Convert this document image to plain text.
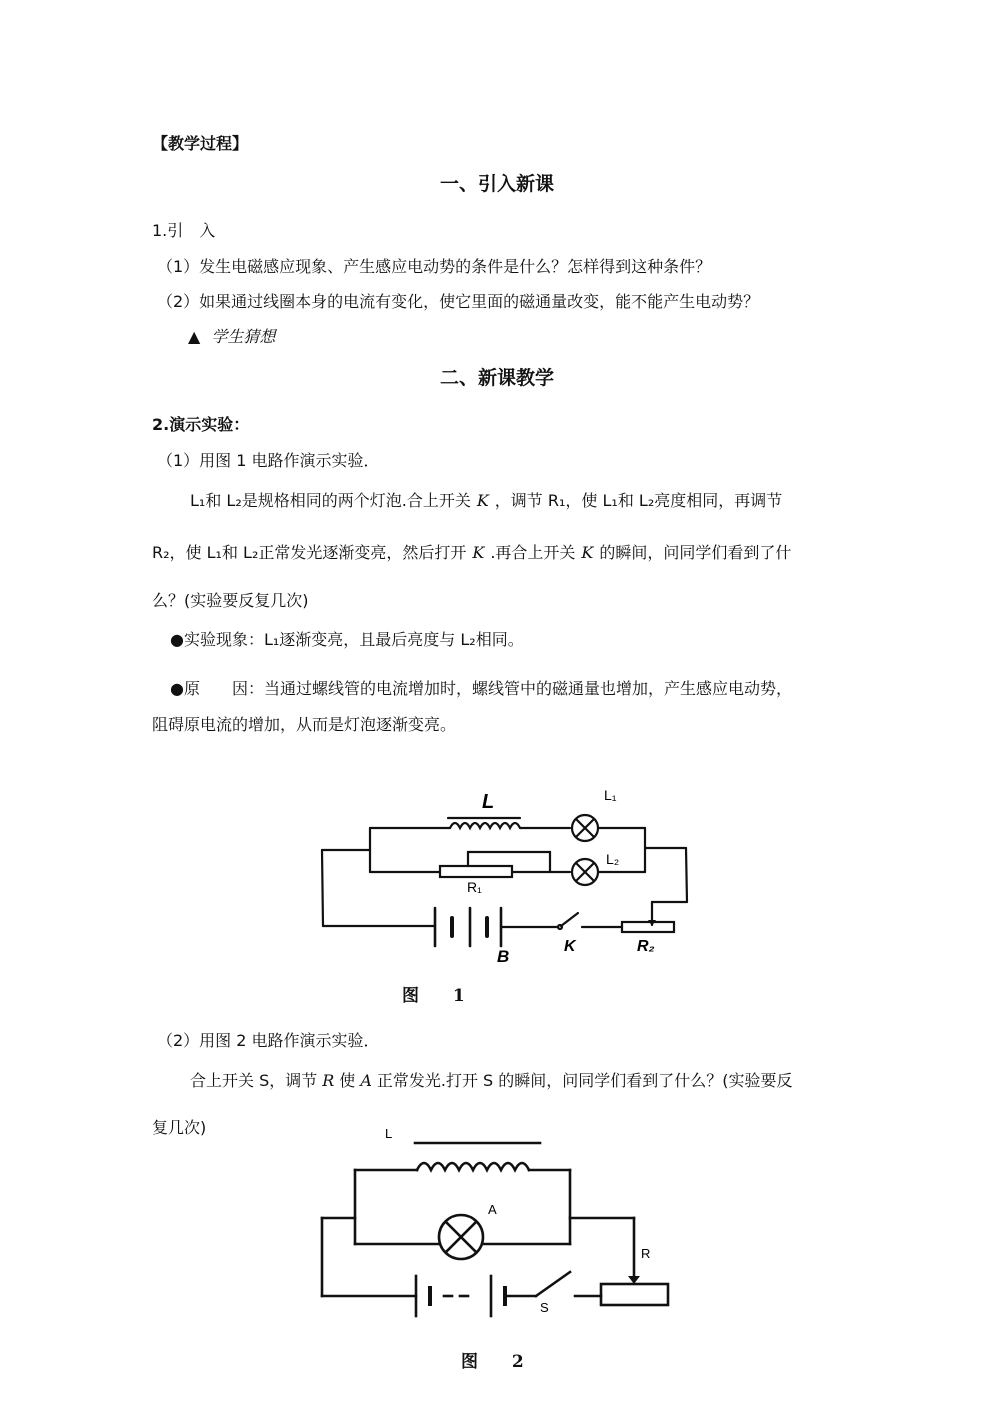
【教学过程】
一、引入新课
1.引　入
（1）发生电磁感应现象、产生感应电动势的条件是什么？怎样得到这种条件？
（2）如果通过线圈本身的电流有变化，使它里面的磁通量改变，能不能产生电动势？
▲ 学生猜想
二、新课教学
2.演示实验：
（1）用图 1 电路作演示实验．
L₁和 L₂是规格相同的两个灯泡.合上开关 K ，调节 R₁，使 L₁和 L₂亮度相同，再调节
R₂，使 L₁和 L₂正常发光逐渐变亮，然后打开 K .再合上开关 K 的瞬间，问同学们看到了什
么？(实验要反复几次)
●实验现象：L₁逐渐变亮，且最后亮度与 L₂相同。
●原　　因：当通过螺线管的电流增加时，螺线管中的磁通量也增加，产生感应电动势，
阻碍原电流的增加，从而是灯泡逐渐变亮。
L	L₁
L₂
R₁
B
K	R₂
图 1
（2）用图 2 电路作演示实验．
合上开关 S，调节 R 使 A 正常发光.打开 S 的瞬间，问同学们看到了什么？(实验要反
复几次)	L
A
R
S
图 2
